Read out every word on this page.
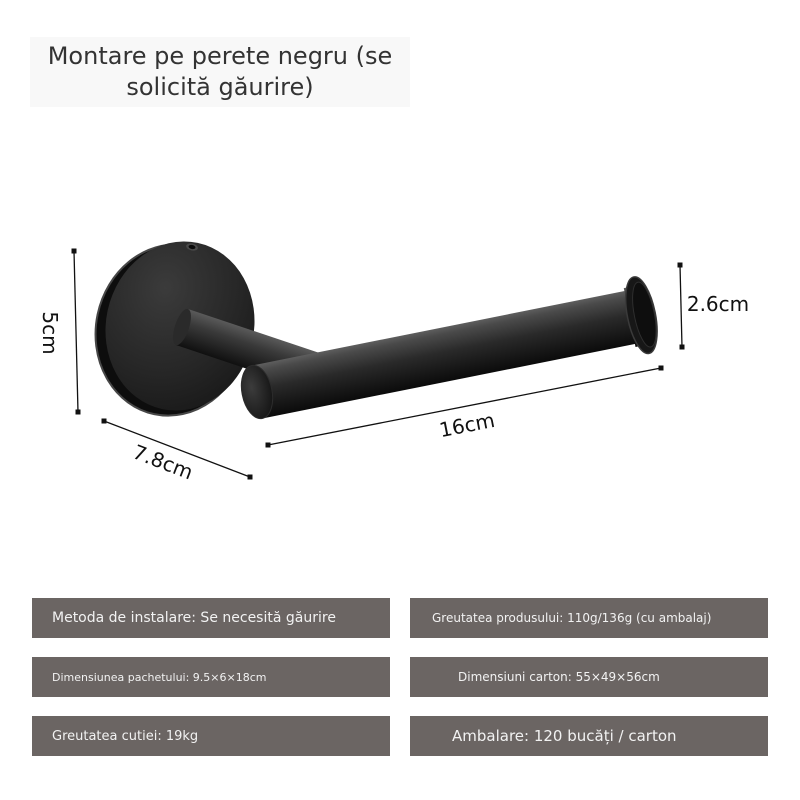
Montare pe perete negru (se
solicită găurire)
5cm
7.8cm
16cm
2.6cm
Metoda de instalare: Se necesită găurire	Greutatea produsului: 110g/136g (cu ambalaj)
Dimensiunea pachetului: 9.5×6×18cm	Dimensiuni carton: 55×49×56cm
Greutatea cutiei: 19kg	Ambalare: 120 bucăți / carton
